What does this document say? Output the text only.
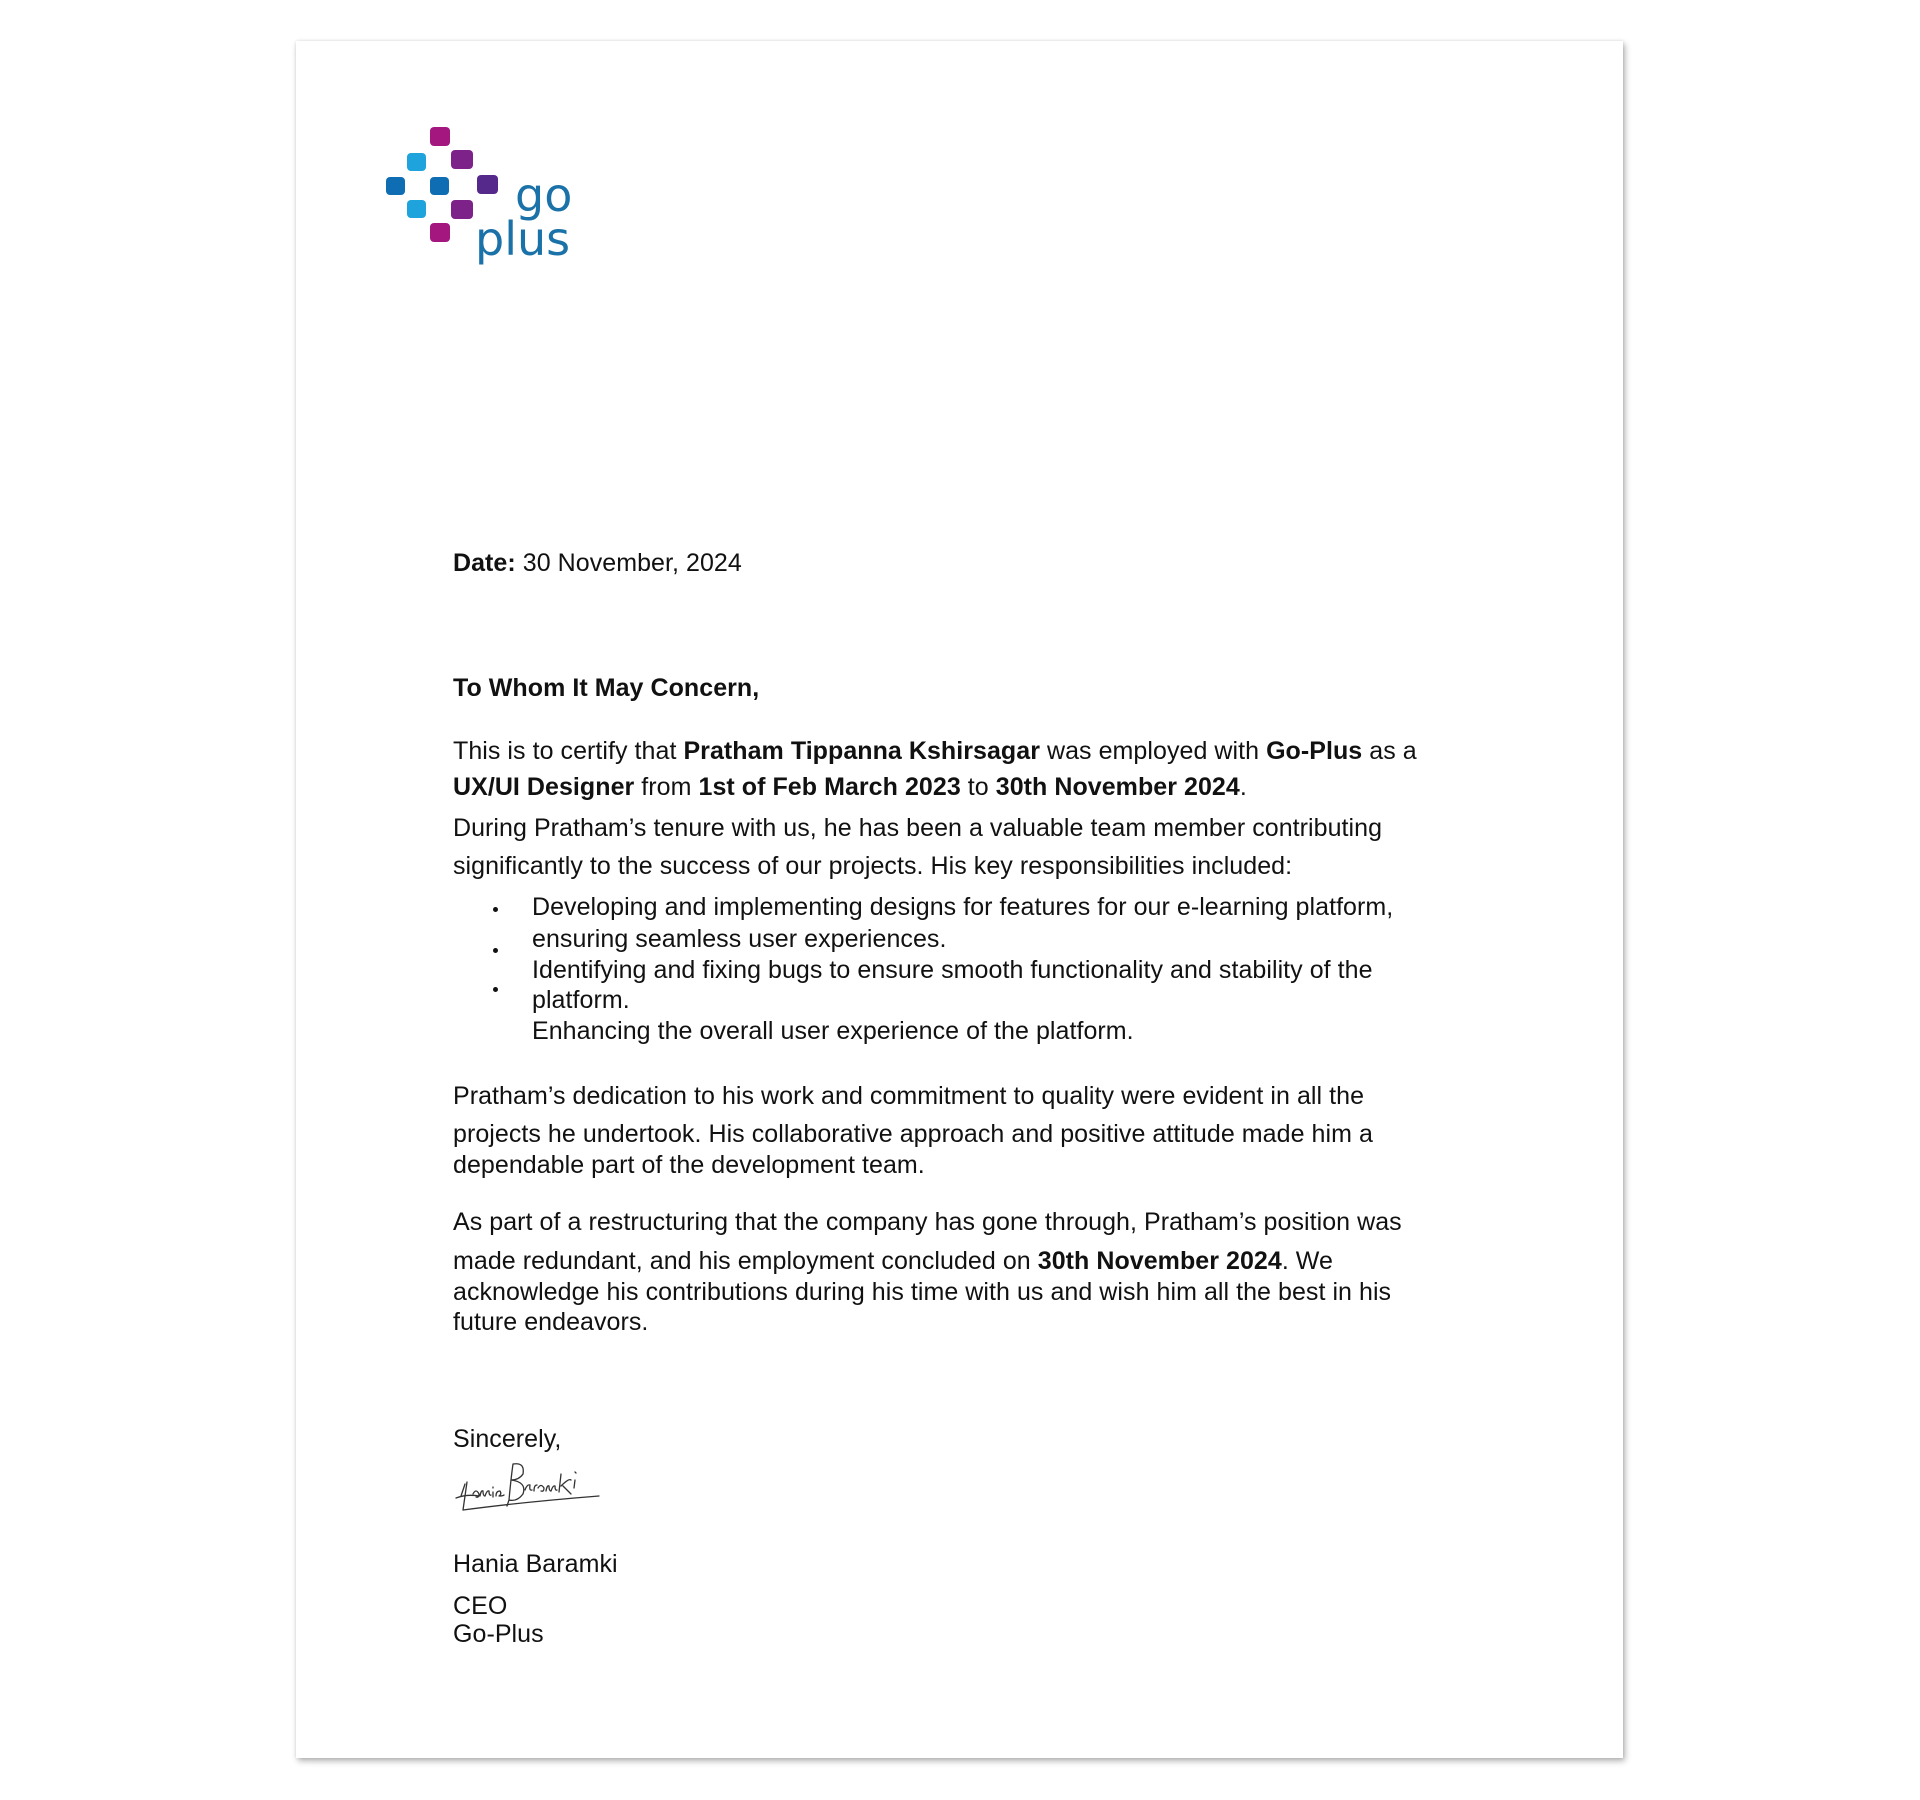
go
plus
Date: 30 November, 2024
To Whom It May Concern,
This is to certify that Pratham Tippanna Kshirsagar was employed with Go-Plus as a
UX/UI Designer from 1st of Feb March 2023 to 30th November 2024.
During Pratham’s tenure with us, he has been a valuable team member contributing
significantly to the success of our projects. His key responsibilities included:
Developing and implementing designs for features for our e-learning platform,
ensuring seamless user experiences.
Identifying and fixing bugs to ensure smooth functionality and stability of the
platform.
Enhancing the overall user experience of the platform.
Pratham’s dedication to his work and commitment to quality were evident in all the
projects he undertook. His collaborative approach and positive attitude made him a
dependable part of the development team.
As part of a restructuring that the company has gone through, Pratham’s position was
made redundant, and his employment concluded on 30th November 2024. We
acknowledge his contributions during his time with us and wish him all the best in his
future endeavors.
Sincerely,
Hania Baramki
CEO
Go-Plus
